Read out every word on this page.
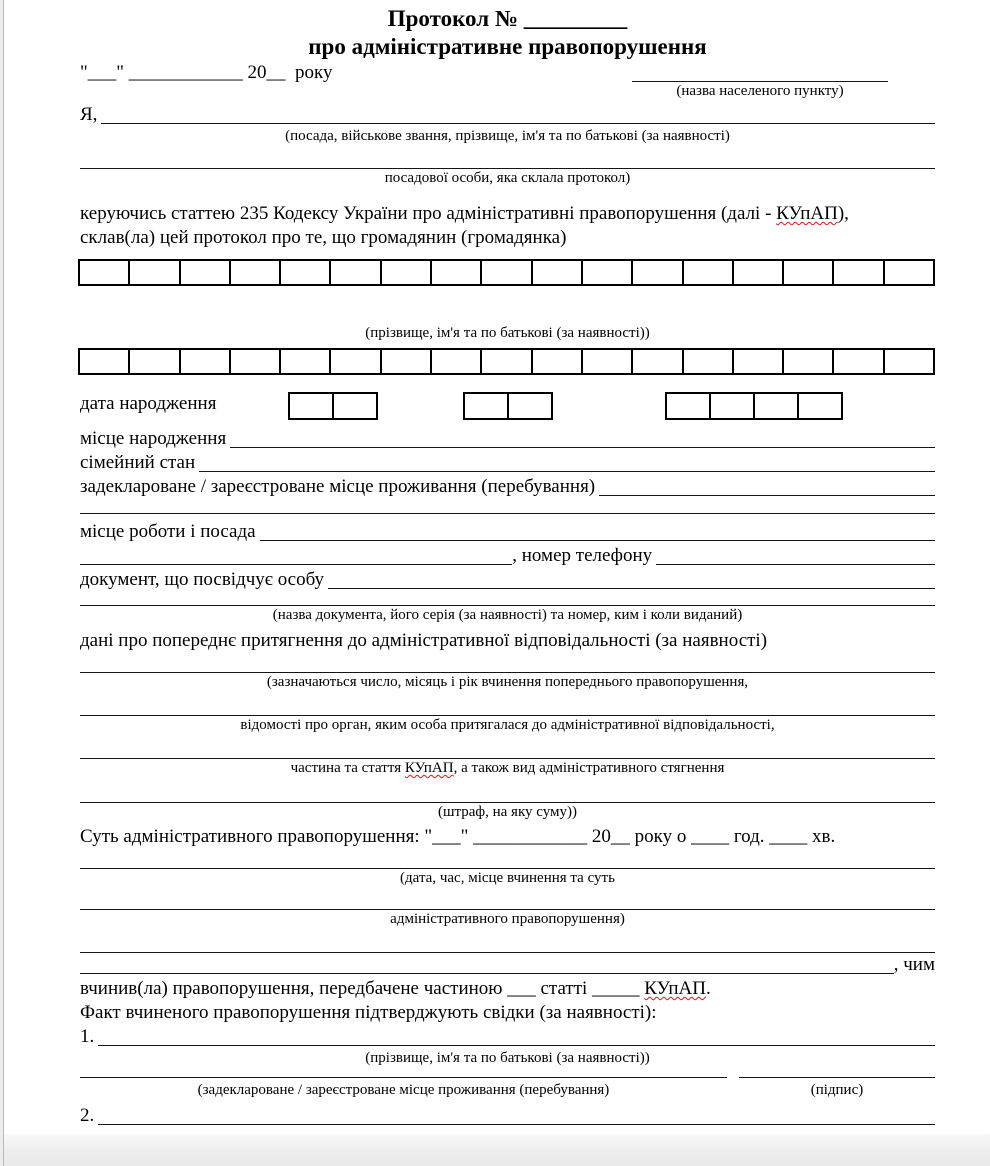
Протокол № _________
про адміністративне правопорушення
"___" ____________ 20__  року
(назва населеного пункту)
Я,
(посада, військове звання, прізвище, ім'я та по батькові (за наявності)
посадової особи, яка склала протокол)
керуючись статтею 235 Кодексу України про адміністративні правопорушення (далі - КУпАП),
склав(ла) цей протокол про те, що громадянин (громадянка)
(прізвище, ім'я та по батькові (за наявності))
дата народження
місце народження
сімейний стан
задеклароване / зареєстроване місце проживання (перебування)
місце роботи і посада
, номер телефону
документ, що посвідчує особу
(назва документа, його серія (за наявності) та номер, ким і коли виданий)
дані про попереднє притягнення до адміністративної відповідальності (за наявності)
(зазначаються число, місяць і рік вчинення попереднього правопорушення,
відомості про орган, яким особа притягалася до адміністративної відповідальності,
частина та стаття КУпАП, а також вид адміністративного стягнення
(штраф, на яку суму))
Суть адміністративного правопорушення: "___" ____________ 20__ року о ____ год. ____ хв.
(дата, час, місце вчинення та суть
адміністративного правопорушення)
, чим
вчинив(ла) правопорушення, передбачене частиною ___ статті _____ КУпАП.
Факт вчиненого правопорушення підтверджують свідки (за наявності):
1.
(прізвище, ім'я та по батькові (за наявності))
(задеклароване / зареєстроване місце проживання (перебування)	(підпис)
2.
